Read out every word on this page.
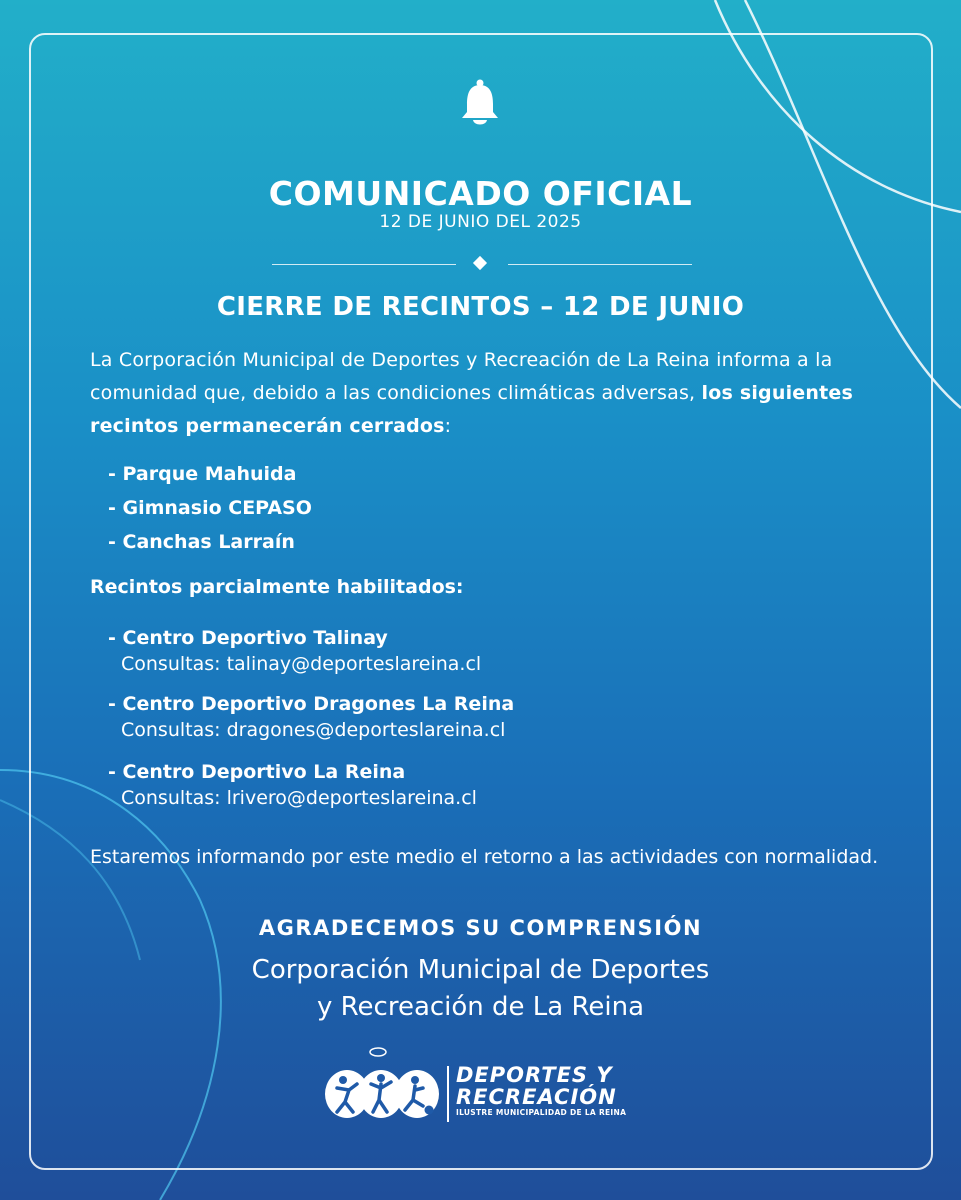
COMUNICADO OFICIAL
12 DE JUNIO DEL 2025
CIERRE DE RECINTOS – 12 DE JUNIO
La Corporación Municipal de Deportes y Recreación de La Reina informa a la comunidad que, debido a las condiciones climáticas adversas, los siguientes recintos permanecerán cerrados:
- Parque Mahuida
- Gimnasio CEPASO
- Canchas Larraín
Recintos parcialmente habilitados:
- Centro Deportivo Talinay
Consultas: talinay@deporteslareina.cl
- Centro Deportivo Dragones La Reina
Consultas: dragones@deporteslareina.cl
- Centro Deportivo La Reina
Consultas: lrivero@deporteslareina.cl
Estaremos informando por este medio el retorno a las actividades con normalidad.
AGRADECEMOS SU COMPRENSIÓN
Corporación Municipal de Deportes
y Recreación de La Reina
DEPORTES Y
RECREACIÓN
ILUSTRE MUNICIPALIDAD DE LA REINA
